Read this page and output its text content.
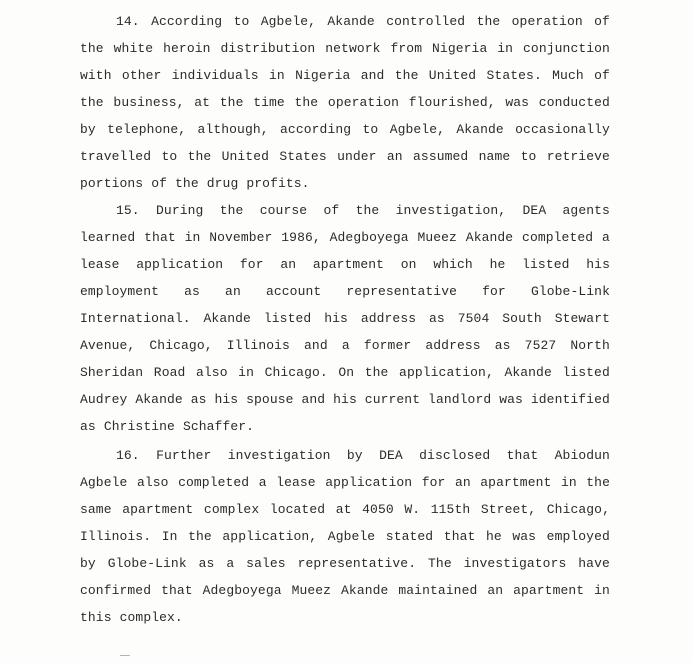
14. According to Agbele, Akande controlled the operation of
the white heroin distribution network from Nigeria in conjunction
with other individuals in Nigeria and the United States. Much of
the business, at the time the operation flourished, was conducted
by telephone, although, according to Agbele, Akande occasionally
travelled to the United States under an assumed name to retrieve
portions of the drug profits.
15. During the course of the investigation, DEA agents
learned that in November 1986, Adegboyega Mueez Akande completed a
lease application for an apartment on which he listed his
employment as an account representative for Globe-Link
International. Akande listed his address as 7504 South Stewart
Avenue, Chicago, Illinois and a former address as 7527 North
Sheridan Road also in Chicago. On the application, Akande listed
Audrey Akande as his spouse and his current landlord was identified
as Christine Schaffer.
16. Further investigation by DEA disclosed that Abiodun
Agbele also completed a lease application for an apartment in the
same apartment complex located at 4050 W. 115th Street, Chicago,
Illinois. In the application, Agbele stated that he was employed
by Globe-Link as a sales representative. The investigators have
confirmed that Adegboyega Mueez Akande maintained an apartment in
this complex.
